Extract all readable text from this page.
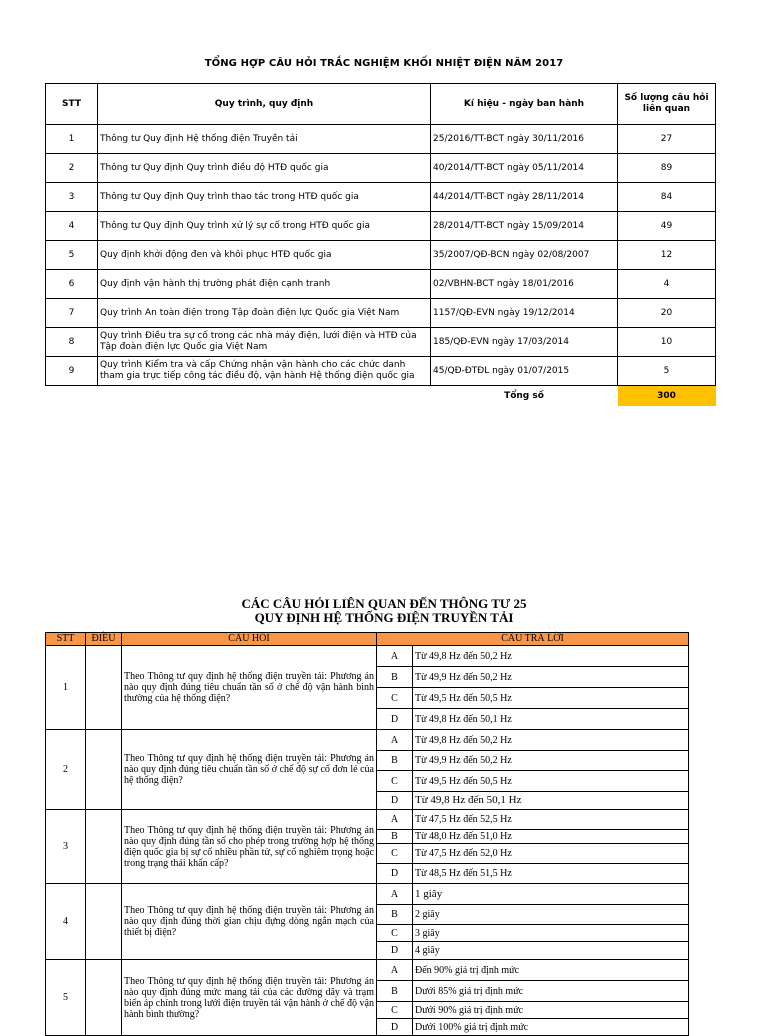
TỔNG HỢP CÂU HỎI TRẮC NGHIỆM KHỐI NHIỆT ĐIỆN NĂM 2017
STT	Quy trình, quy định	Kí hiệu - ngày ban hành	Số lượng câu hỏi liên quan
1	Thông tư Quy định Hệ thống điện Truyền tải	25/2016/TT-BCT ngày 30/11/2016	27
2	Thông tư Quy định Quy trình điều độ HTĐ quốc gia	40/2014/TT-BCT ngày 05/11/2014	89
3	Thông tư Quy định Quy trình thao tác trong HTĐ quốc gia	44/2014/TT-BCT ngày 28/11/2014	84
4	Thông tư Quy định Quy trình xử lý sự cố trong HTĐ quốc gia	28/2014/TT-BCT ngày 15/09/2014	49
5	Quy định khởi động đen và khôi phục HTĐ quốc gia	35/2007/QĐ-BCN ngày 02/08/2007	12
6	Quy định vận hành thị trường phát điện cạnh tranh	02/VBHN-BCT ngày 18/01/2016	4
7	Quy trình An toàn điện trong Tập đoàn điện lực Quốc gia Việt Nam	1157/QĐ-EVN ngày 19/12/2014	20
8	Quy trình Điều tra sự cố trong các nhà máy điện, lưới điện và HTĐ của Tập đoàn điện lực Quốc gia Việt Nam	185/QĐ-EVN ngày 17/03/2014	10
9	Quy trình Kiểm tra và cấp Chứng nhận vận hành cho các chức danh tham gia trực tiếp công tác điều độ, vận hành Hệ thống điện quốc gia	45/QĐ-ĐTĐL ngày 01/07/2015	5
		Tổng số	300
CÁC CÂU HỎI LIÊN QUAN ĐẾN THÔNG TƯ 25
QUY ĐỊNH HỆ THỐNG ĐIỆN TRUYỀN TẢI
STT	ĐIỀU	CÂU HỎI	CÂU TRẢ LỜI	
1		Theo Thông tư quy định hệ thống điện truyền tải: Phương án nào quy định đúng tiêu chuẩn tần số ở chế độ vận hành bình thường của hệ thống điện?	A	Từ 49,8 Hz đến 50,2 Hz
			B	Từ 49,9 Hz đến 50,2 Hz
			C	Từ 49,5 Hz đến 50,5 Hz
			D	Từ 49,8 Hz đến 50,1 Hz
2		Theo Thông tư quy định hệ thống điện truyền tải: Phương án nào quy định đúng tiêu chuẩn tần số ở chế độ sự cố đơn lẻ của hệ thống điện?	A	Từ 49,8 Hz đến 50,2 Hz
			B	Từ 49,9 Hz đến 50,2 Hz
			C	Từ 49,5 Hz đến 50,5 Hz
			D	Từ 49,8 Hz đến 50,1 Hz
3		Theo Thông tư quy định hệ thống điện truyền tải: Phương án nào quy định đúng tần số cho phép trong trường hợp hệ thống điện quốc gia bị sự cố nhiều phần tử, sự cố nghiêm trọng hoặc trong trạng thái khẩn cấp?	A	Từ 47,5 Hz đến 52,5 Hz
			B	Từ 48,0 Hz đến 51,0 Hz
			C	Từ 47,5 Hz đến 52,0 Hz
			D	Từ 48,5 Hz đến 51,5 Hz
4		Theo Thông tư quy định hệ thống điện truyền tải: Phương án nào quy định đúng thời gian chịu đựng dòng ngắn mạch của thiết bị điện?	A	1 giây
			B	2 giây
			C	3 giây
			D	4 giây
5		Theo Thông tư quy định hệ thống điện truyền tải: Phương án nào quy định đúng mức mang tải của các đường dây và trạm biến áp chính trong lưới điện truyền tải vận hành ở chế độ vận hành bình thường?	A	Đến 90% giá trị định mức
			B	Dưới 85% giá trị định mức
			C	Dưới 90% giá trị định mức
			D	Dưới 100% giá trị định mức
